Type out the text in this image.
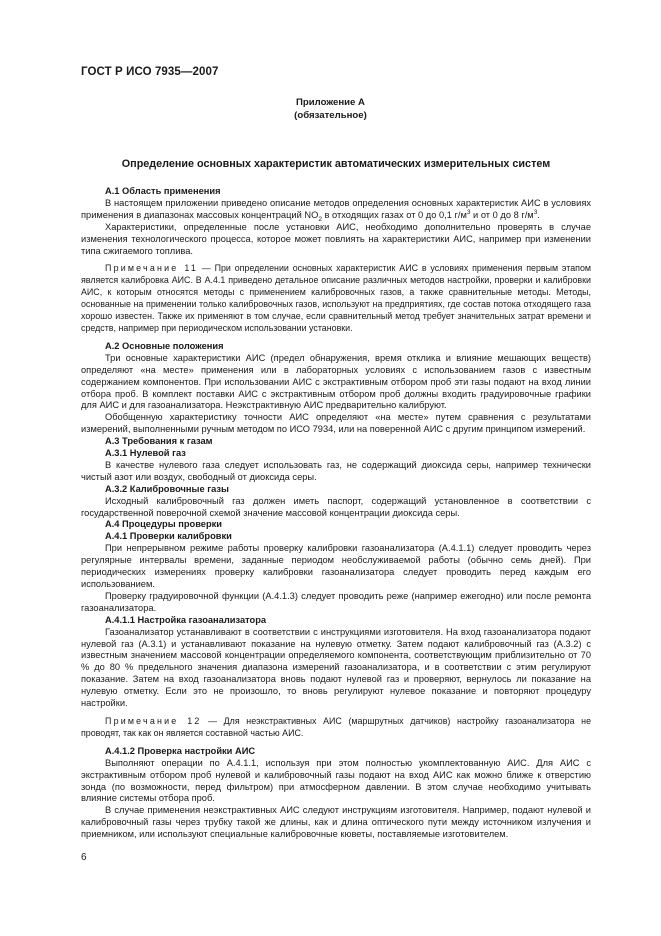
ГОСТ Р ИСО 7935—2007
Приложение А
(обязательное)
Определение основных характеристик автоматических измерительных систем
А.1 Область применения

В настоящем приложении приведено описание методов определения основных характеристик АИС в условиях применения в диапазонах массовых концентраций $NO_2$ в отходящих газах от 0 до 0,1 $г/м^3$ и от 0 до 8 $г/м^3$.

Характеристики, определенные после установки АИС, необходимо дополнительно проверять в случае изменения технологического процесса, которое может повлиять на характеристики АИС, например при изменении типа сжигаемого топлива.

Примечание 11 — При определении основных характеристик АИС в условиях применения первым этапом является калибровка АИС. В А.4.1 приведено детальное описание различных методов настройки, проверки и калибровки АИС, к которым относятся методы с применением калибровочных газов, а также сравнительные методы. Методы, основанные на применении только калибровочных газов, используют на предприятиях, где состав потока отходящего газа хорошо известен. Также их применяют в том случае, если сравнительный метод требует значительных затрат времени и средств, например при периодическом использовании установки.

А.2 Основные положения

Три основные характеристики АИС (предел обнаружения, время отклика и влияние мешающих веществ) определяют «на месте» применения или в лабораторных условиях с использованием газов с известным содержанием компонентов. При использовании АИС с экстрактивным отбором проб эти газы подают на вход линии отбора проб. В комплект поставки АИС с экстрактивным отбором проб должны входить градуировочные графики для АИС и для газоанализатора. Неэкстрактивную АИС предварительно калибруют.

Обобщенную характеристику точности АИС определяют «на месте» путем сравнения с результатами измерений, выполненными ручным методом по ИСО 7934, или на поверенной АИС с другим принципом измерений.

А.3 Требования к газам
А.3.1 Нулевой газ

В качестве нулевого газа следует использовать газ, не содержащий диоксида серы, например технически чистый азот или воздух, свободный от диоксида серы.

А.3.2 Калибровочные газы

Исходный калибровочный газ должен иметь паспорт, содержащий установленное в соответствии с государственной поверочной схемой значение массовой концентрации диоксида серы.

А.4 Процедуры проверки
А.4.1 Проверки калибровки

При непрерывном режиме работы проверку калибровки газоанализатора (А.4.1.1) следует проводить через регулярные интервалы времени, заданные периодом необслуживаемой работы (обычно семь дней). При периодических измерениях проверку калибровки газоанализатора следует проводить перед каждым его использованием.

Проверку градуировочной функции (А.4.1.3) следует проводить реже (например ежегодно) или после ремонта газоанализатора.

А.4.1.1 Настройка газоанализатора

Газоанализатор устанавливают в соответствии с инструкциями изготовителя. На вход газоанализатора подают нулевой газ (А.3.1) и устанавливают показание на нулевую отметку. Затем подают калибровочный газ (А.3.2) с известным значением массовой концентрации определяемого компонента, соответствующим приблизительно от 70 % до 80 % предельного значения диапазона измерений газоанализатора, и в соответствии с этим регулируют показание. Затем на вход газоанализатора вновь подают нулевой газ и проверяют, вернулось ли показание на нулевую отметку. Если это не произошло, то вновь регулируют нулевое показание и повторяют процедуру настройки.

Примечание 12 — Для неэкстрактивных АИС (маршрутных датчиков) настройку газоанализатора не проводят, так как он является составной частью АИС.

А.4.1.2 Проверка настройки АИС

Выполняют операции по А.4.1.1, используя при этом полностью укомплектованную АИС. Для АИС с экстрактивным отбором проб нулевой и калибровочный газы подают на вход АИС как можно ближе к отверстию зонда (по возможности, перед фильтром) при атмосферном давлении. В этом случае необходимо учитывать влияние системы отбора проб.

В случае применения неэкстрактивных АИС следуют инструкциям изготовителя. Например, подают нулевой и калибровочный газы через трубку такой же длины, как и длина оптического пути между источником излучения и приемником, или используют специальные калибровочные кюветы, поставляемые изготовителем.

6
